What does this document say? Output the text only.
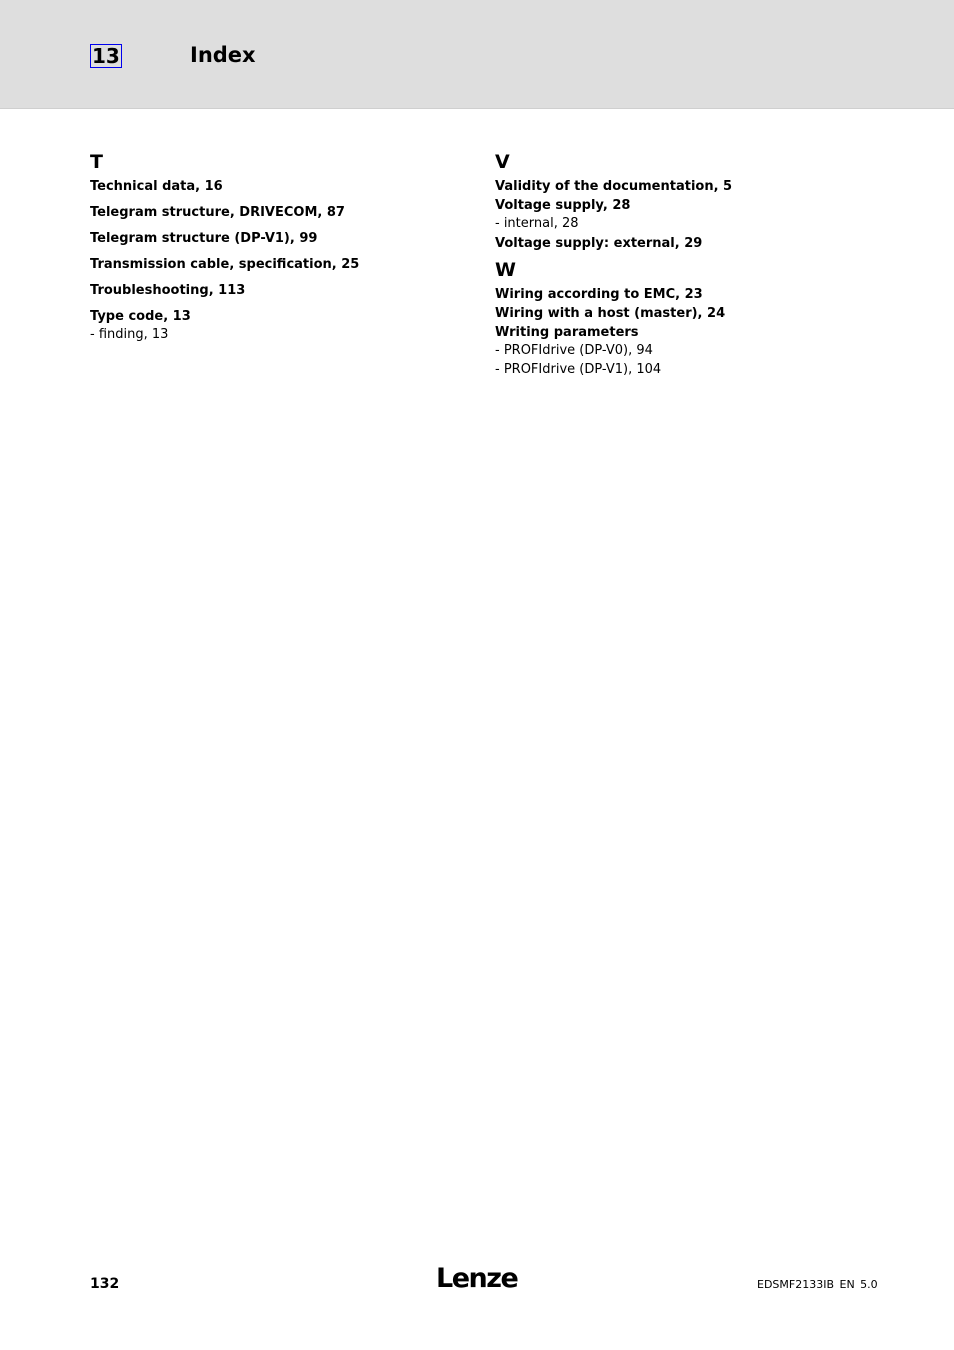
13	Index
T
Technical data, 16
Telegram structure, DRIVECOM, 87
Telegram structure (DP-V1), 99
Transmission cable, specification, 25
Troubleshooting, 113
Type code, 13
- finding, 13
V
Validity of the documentation, 5
Voltage supply, 28
- internal, 28
Voltage supply: external, 29
W
Wiring according to EMC, 23
Wiring with a host (master), 24
Writing parameters
- PROFIdrive (DP-V0), 94
- PROFIdrive (DP-V1), 104
132	Lenze	EDSMF2133IB EN 5.0
